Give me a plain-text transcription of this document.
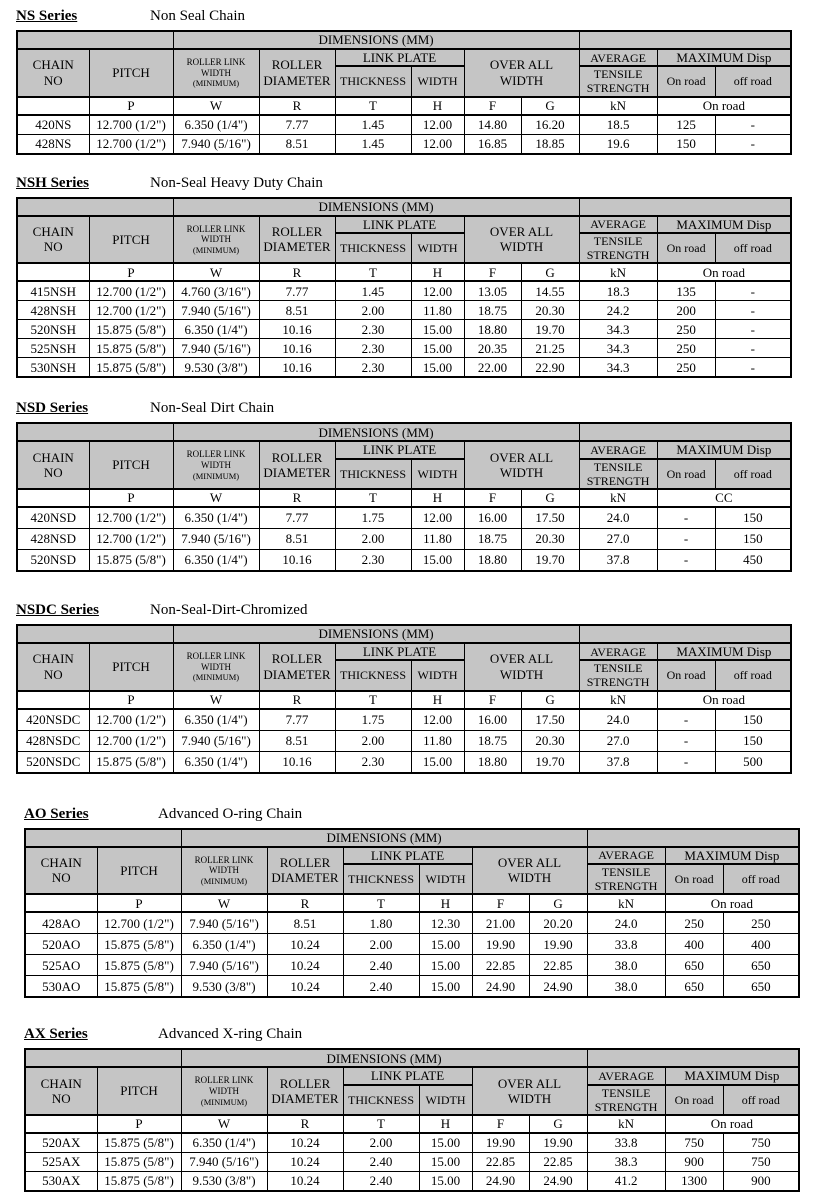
NS Series	Non Seal Chain
		DIMENSIONS (MM)								
CHAIN NO	PITCH	ROLLER LINK
WIDTH
(MINIMUM)	ROLLER DIAMETER	LINK PLATE		OVER ALL WIDTH		AVERAGE	MAXIMUM Disp	
				THICKNESS	WIDTH			TENSILE STRENGTH		
									On road	off road
	P	W	R	T	H	F	G	kN	On road	
420NS	12.700 (1/2")	6.350 (1/4")	7.77	1.45	12.00	14.80	16.20	18.5	125	-
428NS	12.700 (1/2")	7.940 (5/16")	8.51	1.45	12.00	16.85	18.85	19.6	150	-
NSH Series	Non-Seal Heavy Duty Chain
		DIMENSIONS (MM)								
CHAIN NO	PITCH	ROLLER LINK
WIDTH
(MINIMUM)	ROLLER DIAMETER	LINK PLATE		OVER ALL WIDTH		AVERAGE	MAXIMUM Disp	
				THICKNESS	WIDTH			TENSILE STRENGTH		
									On road	off road
	P	W	R	T	H	F	G	kN	On road	
415NSH	12.700 (1/2")	4.760 (3/16")	7.77	1.45	12.00	13.05	14.55	18.3	135	-
428NSH	12.700 (1/2")	7.940 (5/16")	8.51	2.00	11.80	18.75	20.30	24.2	200	-
520NSH	15.875 (5/8")	6.350 (1/4")	10.16	2.30	15.00	18.80	19.70	34.3	250	-
525NSH	15.875 (5/8")	7.940 (5/16")	10.16	2.30	15.00	20.35	21.25	34.3	250	-
530NSH	15.875 (5/8")	9.530 (3/8")	10.16	2.30	15.00	22.00	22.90	34.3	250	-
NSD Series	Non-Seal Dirt Chain
		DIMENSIONS (MM)								
CHAIN NO	PITCH	ROLLER LINK
WIDTH
(MINIMUM)	ROLLER DIAMETER	LINK PLATE		OVER ALL WIDTH		AVERAGE	MAXIMUM Disp	
				THICKNESS	WIDTH			TENSILE STRENGTH		
									On road	off road
	P	W	R	T	H	F	G	kN	CC	
420NSD	12.700 (1/2")	6.350 (1/4")	7.77	1.75	12.00	16.00	17.50	24.0	-	150
428NSD	12.700 (1/2")	7.940 (5/16")	8.51	2.00	11.80	18.75	20.30	27.0	-	150
520NSD	15.875 (5/8")	6.350 (1/4")	10.16	2.30	15.00	18.80	19.70	37.8	-	450
NSDC Series	Non-Seal-Dirt-Chromized
		DIMENSIONS (MM)								
CHAIN NO	PITCH	ROLLER LINK
WIDTH
(MINIMUM)	ROLLER DIAMETER	LINK PLATE		OVER ALL WIDTH		AVERAGE	MAXIMUM Disp	
				THICKNESS	WIDTH			TENSILE STRENGTH		
									On road	off road
	P	W	R	T	H	F	G	kN	On road	
420NSDC	12.700 (1/2")	6.350 (1/4")	7.77	1.75	12.00	16.00	17.50	24.0	-	150
428NSDC	12.700 (1/2")	7.940 (5/16")	8.51	2.00	11.80	18.75	20.30	27.0	-	150
520NSDC	15.875 (5/8")	6.350 (1/4")	10.16	2.30	15.00	18.80	19.70	37.8	-	500
AO Series	Advanced O-ring Chain
		DIMENSIONS (MM)								
CHAIN NO	PITCH	ROLLER LINK
WIDTH
(MINIMUM)	ROLLER DIAMETER	LINK PLATE		OVER ALL WIDTH		AVERAGE	MAXIMUM Disp	
				THICKNESS	WIDTH			TENSILE STRENGTH		
									On road	off road
	P	W	R	T	H	F	G	kN	On road	
428AO	12.700 (1/2")	7.940 (5/16")	8.51	1.80	12.30	21.00	20.20	24.0	250	250
520AO	15.875 (5/8")	6.350 (1/4")	10.24	2.00	15.00	19.90	19.90	33.8	400	400
525AO	15.875 (5/8")	7.940 (5/16")	10.24	2.40	15.00	22.85	22.85	38.0	650	650
530AO	15.875 (5/8")	9.530 (3/8")	10.24	2.40	15.00	24.90	24.90	38.0	650	650
AX Series	Advanced X-ring Chain
		DIMENSIONS (MM)								
CHAIN NO	PITCH	ROLLER LINK
WIDTH
(MINIMUM)	ROLLER DIAMETER	LINK PLATE		OVER ALL WIDTH		AVERAGE	MAXIMUM Disp	
				THICKNESS	WIDTH			TENSILE STRENGTH		
									On road	off road
	P	W	R	T	H	F	G	kN	On road	
520AX	15.875 (5/8")	6.350 (1/4")	10.24	2.00	15.00	19.90	19.90	33.8	750	750
525AX	15.875 (5/8")	7.940 (5/16")	10.24	2.40	15.00	22.85	22.85	38.3	900	750
530AX	15.875 (5/8")	9.530 (3/8")	10.24	2.40	15.00	24.90	24.90	41.2	1300	900
